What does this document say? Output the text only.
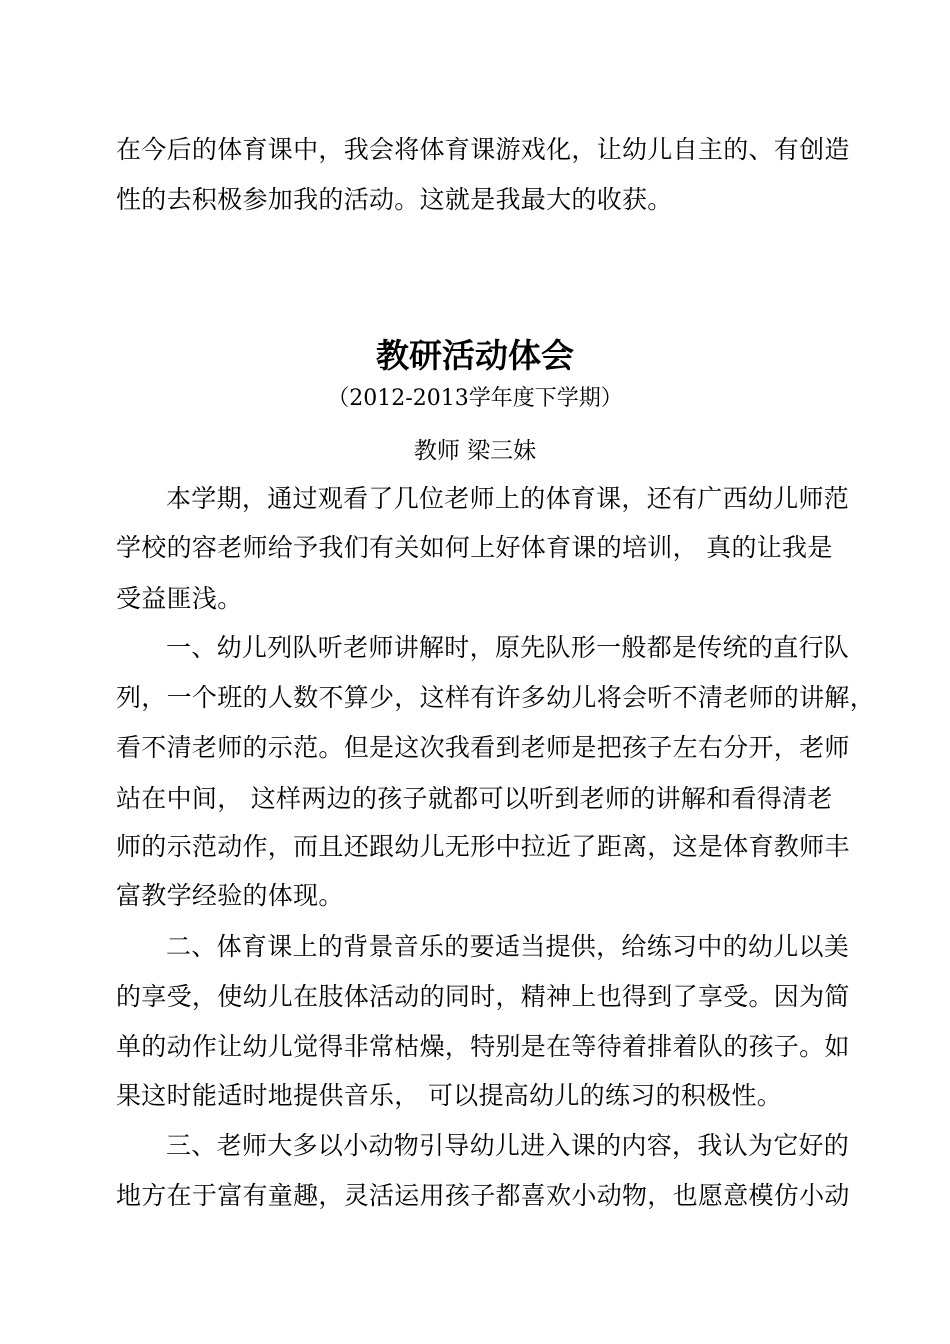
在今后的体育课中，我会将体育课游戏化，让幼儿自主的、有创造
性的去积极参加我的活动。这就是我最大的收获。
教研活动体会
（2012-2013学年度下学期）
教师 梁三妹
本学期，通过观看了几位老师上的体育课，还有广西幼儿师范
学校的容老师给予我们有关如何上好体育课的培训， 真的让我是
受益匪浅。
一、幼儿列队听老师讲解时，原先队形一般都是传统的直行队
列，一个班的人数不算少，这样有许多幼儿将会听不清老师的讲解，
看不清老师的示范。但是这次我看到老师是把孩子左右分开，老师
站在中间， 这样两边的孩子就都可以听到老师的讲解和看得清老
师的示范动作，而且还跟幼儿无形中拉近了距离，这是体育教师丰
富教学经验的体现。
二、体育课上的背景音乐的要适当提供，给练习中的幼儿以美
的享受，使幼儿在肢体活动的同时，精神上也得到了享受。因为简
单的动作让幼儿觉得非常枯燥，特别是在等待着排着队的孩子。如
果这时能适时地提供音乐， 可以提高幼儿的练习的积极性。
三、老师大多以小动物引导幼儿进入课的内容，我认为它好的
地方在于富有童趣，灵活运用孩子都喜欢小动物，也愿意模仿小动
